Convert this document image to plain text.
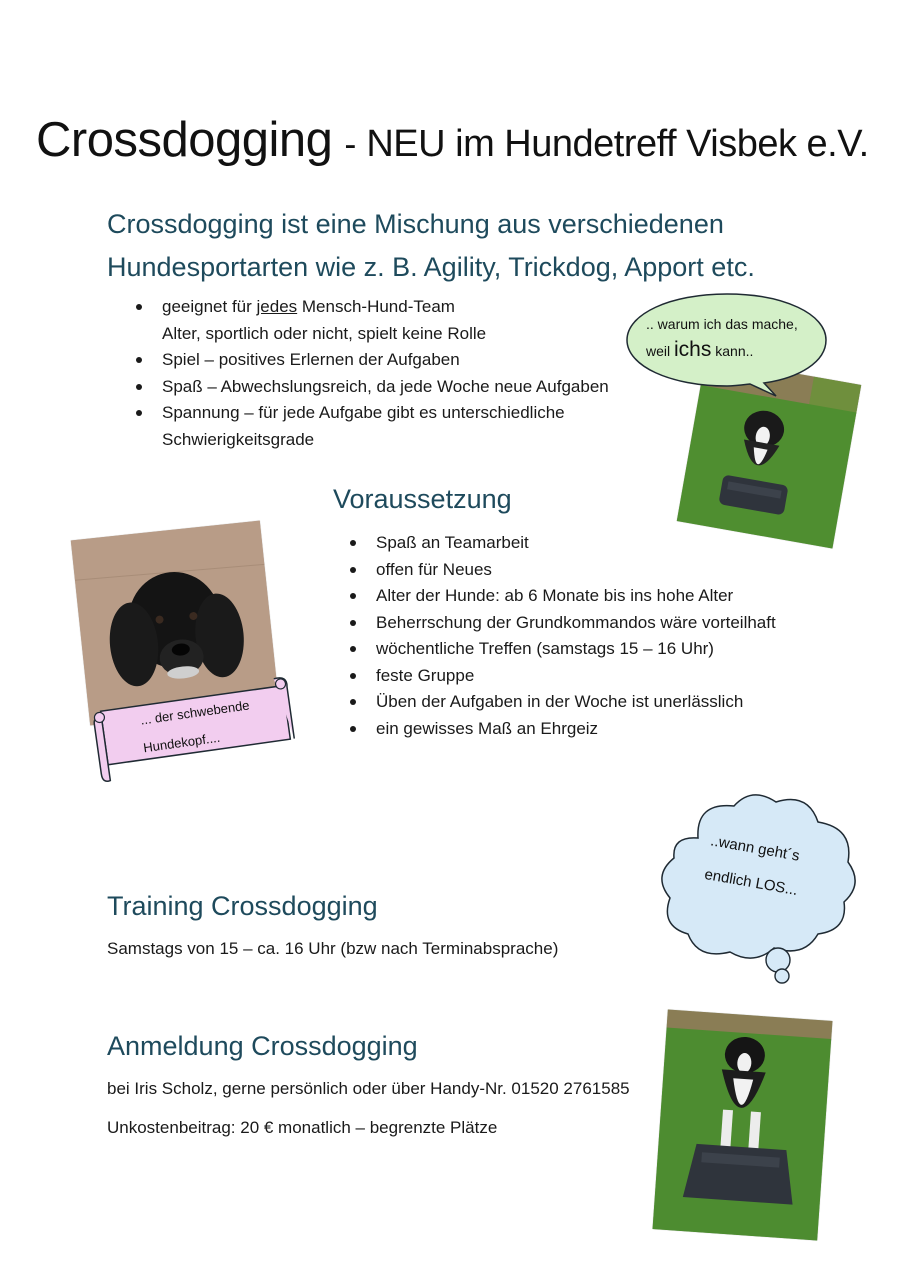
Crossdogging - NEU im Hundetreff Visbek e.V.
Crossdogging ist eine Mischung aus verschiedenen
Hundesportarten wie z. B. Agility, Trickdog, Apport etc.
geeignet für jedes Mensch-Hund-Team
Alter, sportlich oder nicht, spielt keine Rolle
Spiel – positives Erlernen der Aufgaben
Spaß – Abwechslungsreich, da jede Woche neue Aufgaben
Spannung – für jede Aufgabe gibt es unterschiedliche
Schwierigkeitsgrade
.. warum ich das mache,
weil ichs kann..
Voraussetzung
Spaß an Teamarbeit
offen für Neues
Alter der Hunde: ab 6 Monate bis ins hohe Alter
Beherrschung der Grundkommandos wäre vorteilhaft
wöchentliche Treffen (samstags 15 – 16 Uhr)
feste Gruppe
Üben der Aufgaben in der Woche ist unerlässlich
ein gewisses Maß an Ehrgeiz
... der schwebende
Hundekopf....
..wann geht´s
endlich LOS...
Training Crossdogging
Samstags von 15 – ca. 16 Uhr (bzw nach Terminabsprache)
Anmeldung Crossdogging
bei Iris Scholz, gerne persönlich oder über Handy-Nr. 01520 2761585
Unkostenbeitrag: 20 € monatlich – begrenzte Plätze
